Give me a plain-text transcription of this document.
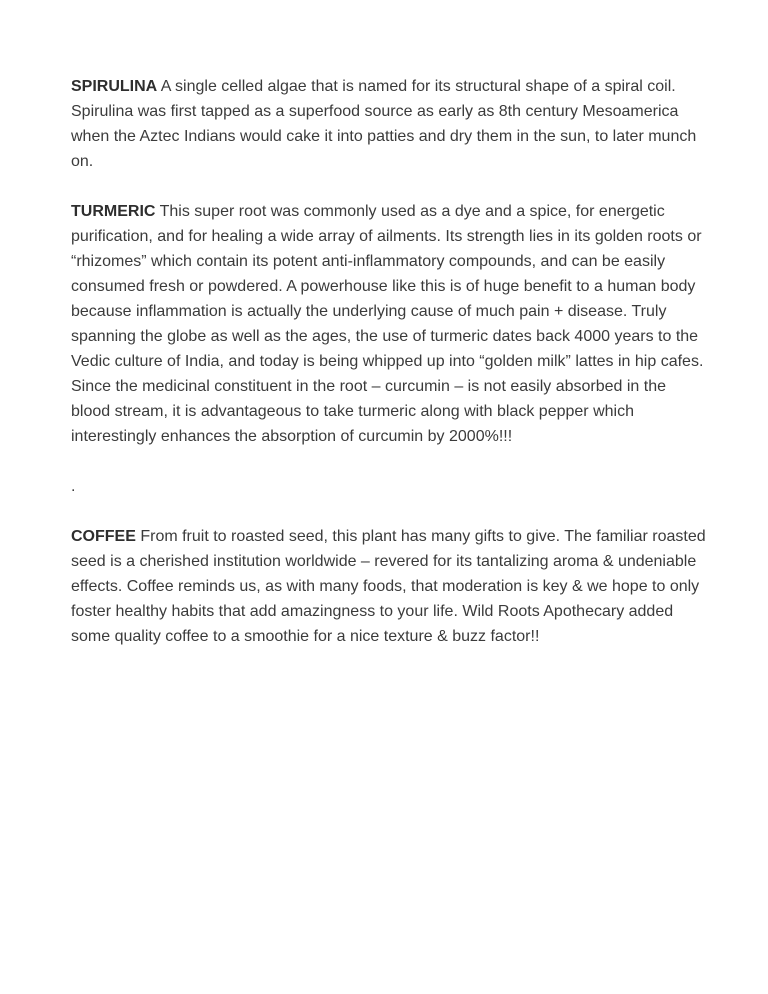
SPIRULINA A single celled algae that is named for its structural shape of a spiral coil. Spirulina was first tapped as a superfood source as early as 8th century Mesoamerica when the Aztec Indians would cake it into patties and dry them in the sun, to later munch on.

TURMERIC This super root was commonly used as a dye and a spice, for energetic purification, and for healing a wide array of ailments. Its strength lies in its golden roots or “rhizomes” which contain its potent anti-inflammatory compounds, and can be easily consumed fresh or powdered. A powerhouse like this is of huge benefit to a human body because inflammation is actually the underlying cause of much pain + disease. Truly spanning the globe as well as the ages, the use of turmeric dates back 4000 years to the Vedic culture of India, and today is being whipped up into “golden milk” lattes in hip cafes. Since the medicinal constituent in the root – curcumin – is not easily absorbed in the blood stream, it is advantageous to take turmeric along with black pepper which interestingly enhances the absorption of curcumin by 2000%!!!

.

COFFEE From fruit to roasted seed, this plant has many gifts to give. The familiar roasted seed is a cherished institution worldwide – revered for its tantalizing aroma & undeniable effects. Coffee reminds us, as with many foods, that moderation is key & we hope to only foster healthy habits that add amazingness to your life. Wild Roots Apothecary added some quality coffee to a smoothie for a nice texture & buzz factor!!
